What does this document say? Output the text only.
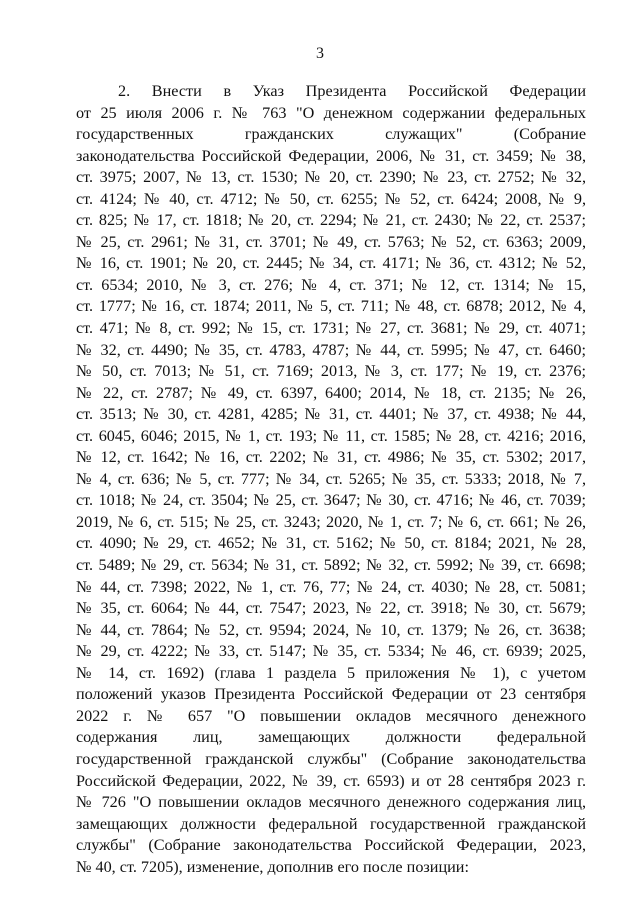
3
2. Внести в Указ Президента Российской Федерации
от 25 июля 2006 г. № 763 "О денежном содержании федеральных
государственных гражданских служащих" (Собрание
законодательства Российской Федерации, 2006, № 31, ст. 3459; № 38,
ст. 3975; 2007, № 13, ст. 1530; № 20, ст. 2390; № 23, ст. 2752; № 32,
ст. 4124; № 40, ст. 4712; № 50, ст. 6255; № 52, ст. 6424; 2008, № 9,
ст. 825; № 17, ст. 1818; № 20, ст. 2294; № 21, ст. 2430; № 22, ст. 2537;
№ 25, ст. 2961; № 31, ст. 3701; № 49, ст. 5763; № 52, ст. 6363; 2009,
№ 16, ст. 1901; № 20, ст. 2445; № 34, ст. 4171; № 36, ст. 4312; № 52,
ст. 6534; 2010, № 3, ст. 276; № 4, ст. 371; № 12, ст. 1314; № 15,
ст. 1777; № 16, ст. 1874; 2011, № 5, ст. 711; № 48, ст. 6878; 2012, № 4,
ст. 471; № 8, ст. 992; № 15, ст. 1731; № 27, ст. 3681; № 29, ст. 4071;
№ 32, ст. 4490; № 35, ст. 4783, 4787; № 44, ст. 5995; № 47, ст. 6460;
№ 50, ст. 7013; № 51, ст. 7169; 2013, № 3, ст. 177; № 19, ст. 2376;
№ 22, ст. 2787; № 49, ст. 6397, 6400; 2014, № 18, ст. 2135; № 26,
ст. 3513; № 30, ст. 4281, 4285; № 31, ст. 4401; № 37, ст. 4938; № 44,
ст. 6045, 6046; 2015, № 1, ст. 193; № 11, ст. 1585; № 28, ст. 4216; 2016,
№ 12, ст. 1642; № 16, ст. 2202; № 31, ст. 4986; № 35, ст. 5302; 2017,
№ 4, ст. 636; № 5, ст. 777; № 34, ст. 5265; № 35, ст. 5333; 2018, № 7,
ст. 1018; № 24, ст. 3504; № 25, ст. 3647; № 30, ст. 4716; № 46, ст. 7039;
2019, № 6, ст. 515; № 25, ст. 3243; 2020, № 1, ст. 7; № 6, ст. 661; № 26,
ст. 4090; № 29, ст. 4652; № 31, ст. 5162; № 50, ст. 8184; 2021, № 28,
ст. 5489; № 29, ст. 5634; № 31, ст. 5892; № 32, ст. 5992; № 39, ст. 6698;
№ 44, ст. 7398; 2022, № 1, ст. 76, 77; № 24, ст. 4030; № 28, ст. 5081;
№ 35, ст. 6064; № 44, ст. 7547; 2023, № 22, ст. 3918; № 30, ст. 5679;
№ 44, ст. 7864; № 52, ст. 9594; 2024, № 10, ст. 1379; № 26, ст. 3638;
№ 29, ст. 4222; № 33, ст. 5147; № 35, ст. 5334; № 46, ст. 6939; 2025,
№ 14, ст. 1692) (глава 1 раздела 5 приложения № 1), с учетом
положений указов Президента Российской Федерации от 23 сентября
2022 г. № 657 "О повышении окладов месячного денежного
содержания лиц, замещающих должности федеральной
государственной гражданской службы" (Собрание законодательства
Российской Федерации, 2022, № 39, ст. 6593) и от 28 сентября 2023 г.
№ 726 "О повышении окладов месячного денежного содержания лиц,
замещающих должности федеральной государственной гражданской
службы" (Собрание законодательства Российской Федерации, 2023,
№ 40, ст. 7205), изменение, дополнив его после позиции:
